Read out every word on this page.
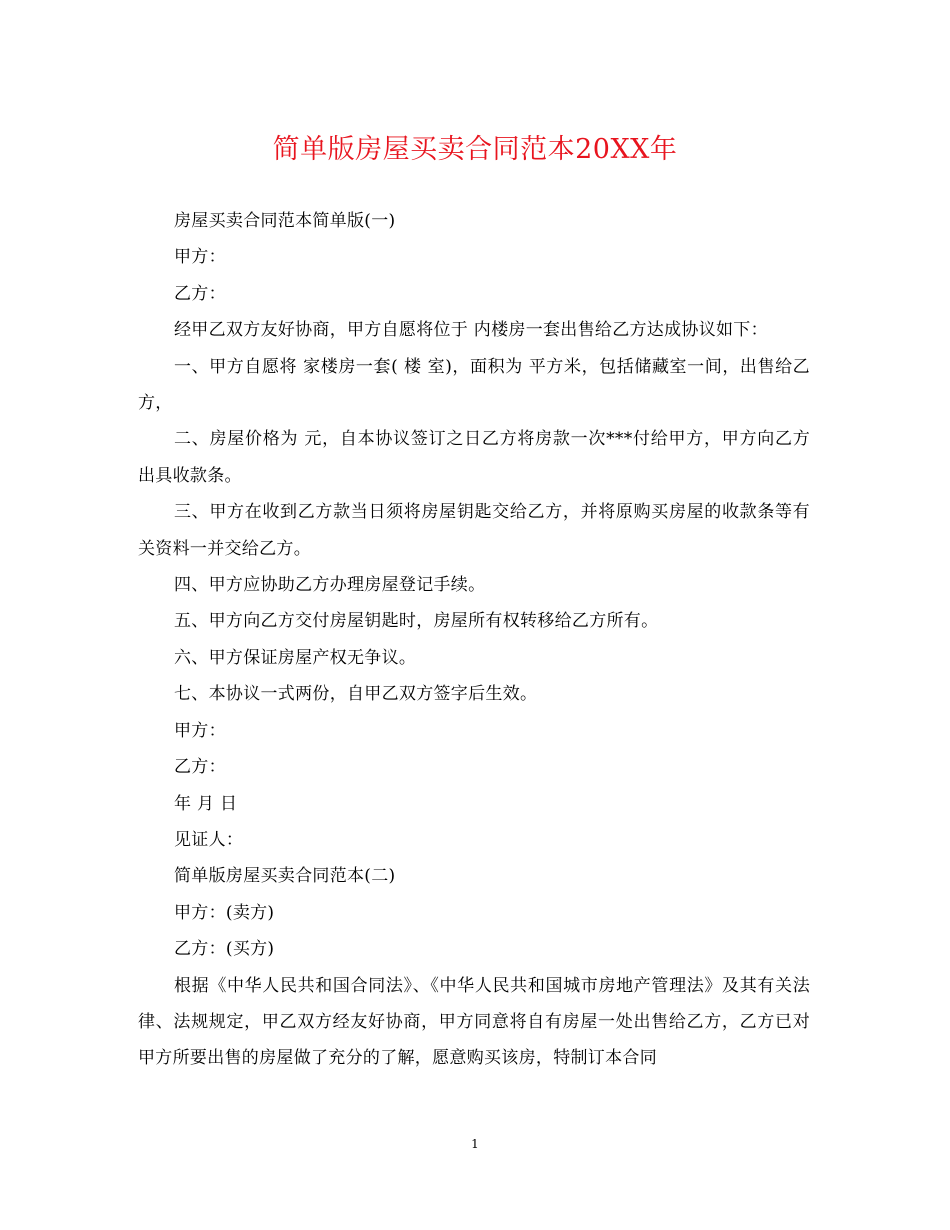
简单版房屋买卖合同范本20XX年

房屋买卖合同范本简单版(一)

甲方：

乙方：

经甲乙双方友好协商，甲方自愿将位于 内楼房一套出售给乙方达成协议如下：

一、甲方自愿将 家楼房一套( 楼 室)，面积为 平方米，包括储藏室一间，出售给乙方，

二、房屋价格为 元，自本协议签订之日乙方将房款一次***付给甲方，甲方向乙方出具收款条。

三、甲方在收到乙方款当日须将房屋钥匙交给乙方，并将原购买房屋的收款条等有关资料一并交给乙方。

四、甲方应协助乙方办理房屋登记手续。

五、甲方向乙方交付房屋钥匙时，房屋所有权转移给乙方所有。

六、甲方保证房屋产权无争议。

七、本协议一式两份，自甲乙双方签字后生效。

甲方：

乙方：

年 月 日

见证人：

简单版房屋买卖合同范本(二)

甲方：(卖方)

乙方：(买方)

根据《中华人民共和国合同法》、《中华人民共和国城市房地产管理法》及其有关法律、法规规定，甲乙双方经友好协商，甲方同意将自有房屋一处出售给乙方，乙方已对甲方所要出售的房屋做了充分的了解，愿意购买该房，特制订本合同

1
